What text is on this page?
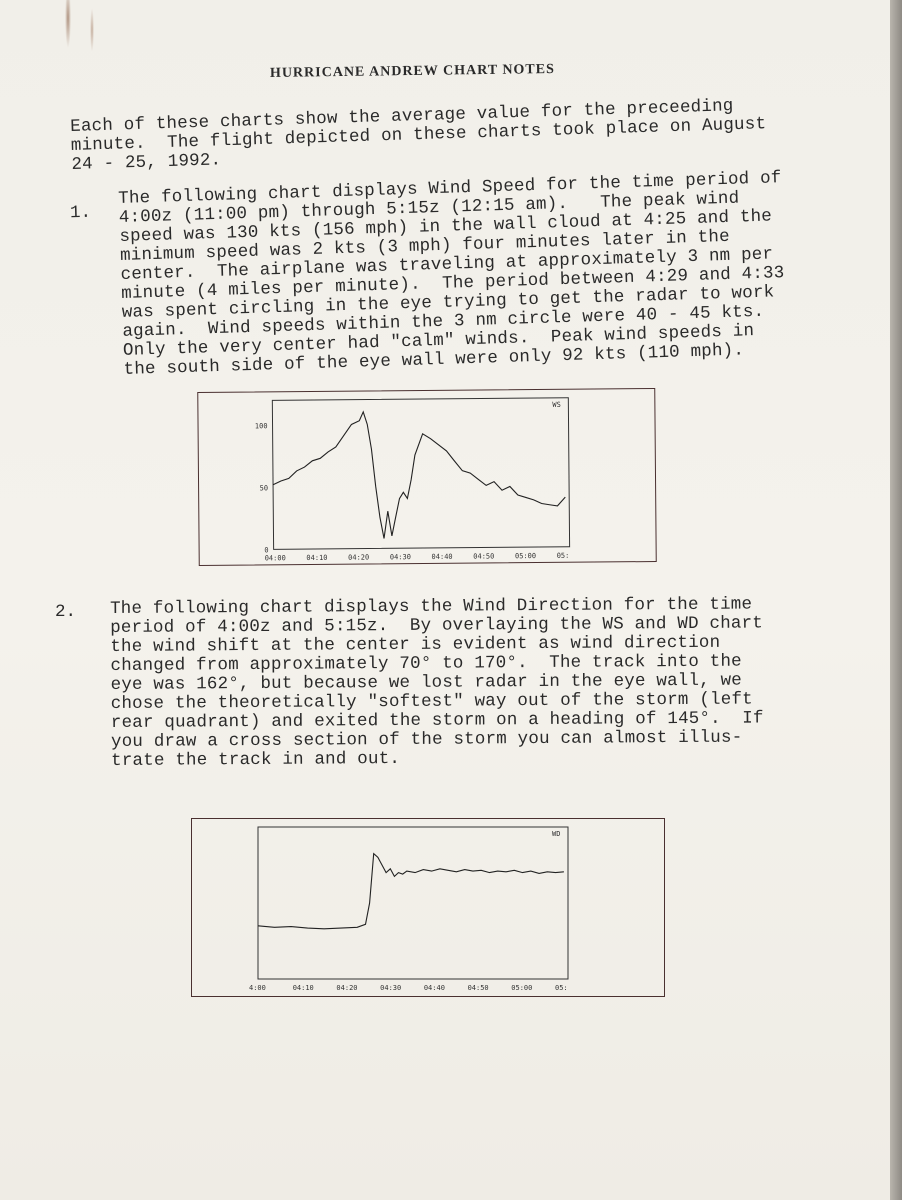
HURRICANE ANDREW CHART NOTES

Each of these charts show the average value for the preceeding
minute.  The flight depicted on these charts took place on August
24 - 25, 1992.

1.

The following chart displays Wind Speed for the time period of
4:00z (11:00 pm) through 5:15z (12:15 am).   The peak wind
speed was 130 kts (156 mph) in the wall cloud at 4:25 and the
minimum speed was 2 kts (3 mph) four minutes later in the
center.  The airplane was traveling at approximately 3 nm per
minute (4 miles per minute).  The period between 4:29 and 4:33
was spent circling in the eye trying to get the radar to work
again.  Wind speeds within the 3 nm circle were 40 - 45 kts.
Only the very center had "calm" winds.  Peak wind speeds in
the south side of the eye wall were only 92 kts (110 mph).

WS
04:00	04:10	04:20	04:30	04:40	04:50	05:00	05:
0
50
100
2. The following chart displays the Wind Direction for the time
period of 4:00z and 5:15z.  By overlaying the WS and WD chart
the wind shift at the center is evident as wind direction
changed from approximately 70° to 170°.  The track into the
eye was 162°, but because we lost radar in the eye wall, we
chose the theoretically "softest" way out of the storm (left
rear quadrant) and exited the storm on a heading of 145°.  If
you draw a cross section of the storm you can almost illus-
trate the track in and out.

WD
4:00	04:10	04:20	04:30	04:40	04:50	05:00	05:
